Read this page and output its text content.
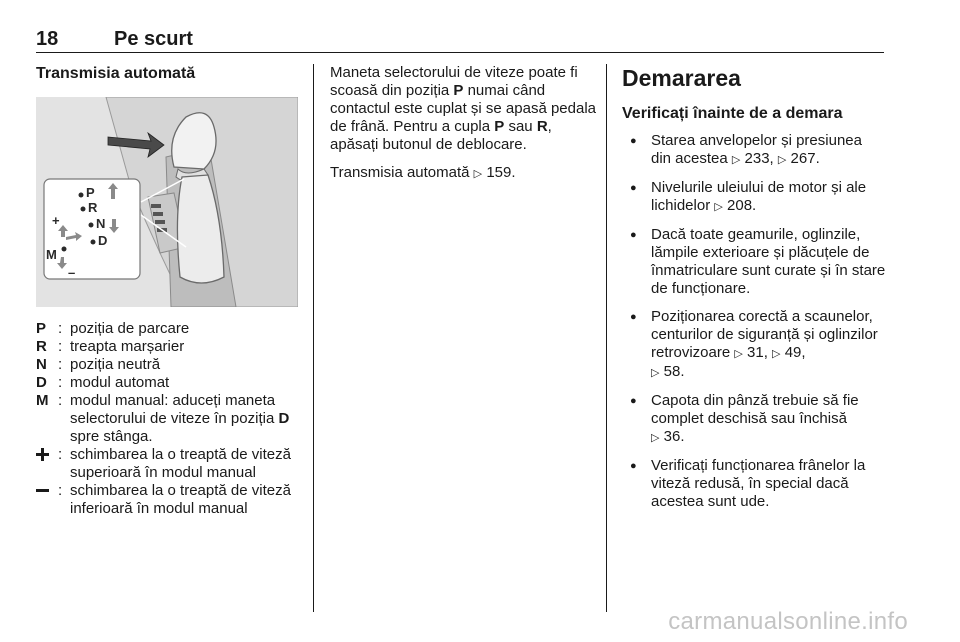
18	Pe scurt
Transmisia automată
P
R
N
D
M
+
–
P : poziția de parcare
R : treapta marșarier
N : poziția neutră
D : modul automat
M : modul manual: aduceți maneta selectorului de viteze în poziția D spre stânga.
: schimbarea la o treaptă de viteză superioară în modul manual
: schimbarea la o treaptă de viteză inferioară în modul manual

Maneta selectorului de viteze poate fi scoasă din poziția P numai când contactul este cuplat și se apasă pedala de frână. Pentru a cupla P sau R, apăsați butonul de deblocare.

Transmisia automată ▷ 159.

Demararea
Verificați înainte de a demara
● Starea anvelopelor și presiunea din acestea ▷ 233, ▷ 267.
● Nivelurile uleiului de motor și ale lichidelor ▷ 208.
● Dacă toate geamurile, oglinzile, lămpile exterioare și plăcuțele de înmatriculare sunt curate și în stare de funcționare.
● Poziționarea corectă a scaunelor, centurilor de siguranță și oglinzilor retrovizoare ▷ 31, ▷ 49,
▷ 58.
● Capota din pânză trebuie să fie complet deschisă sau închisă
▷ 36.
● Verificați funcționarea frânelor la viteză redusă, în special dacă acestea sunt ude.
carmanualsonline.info
